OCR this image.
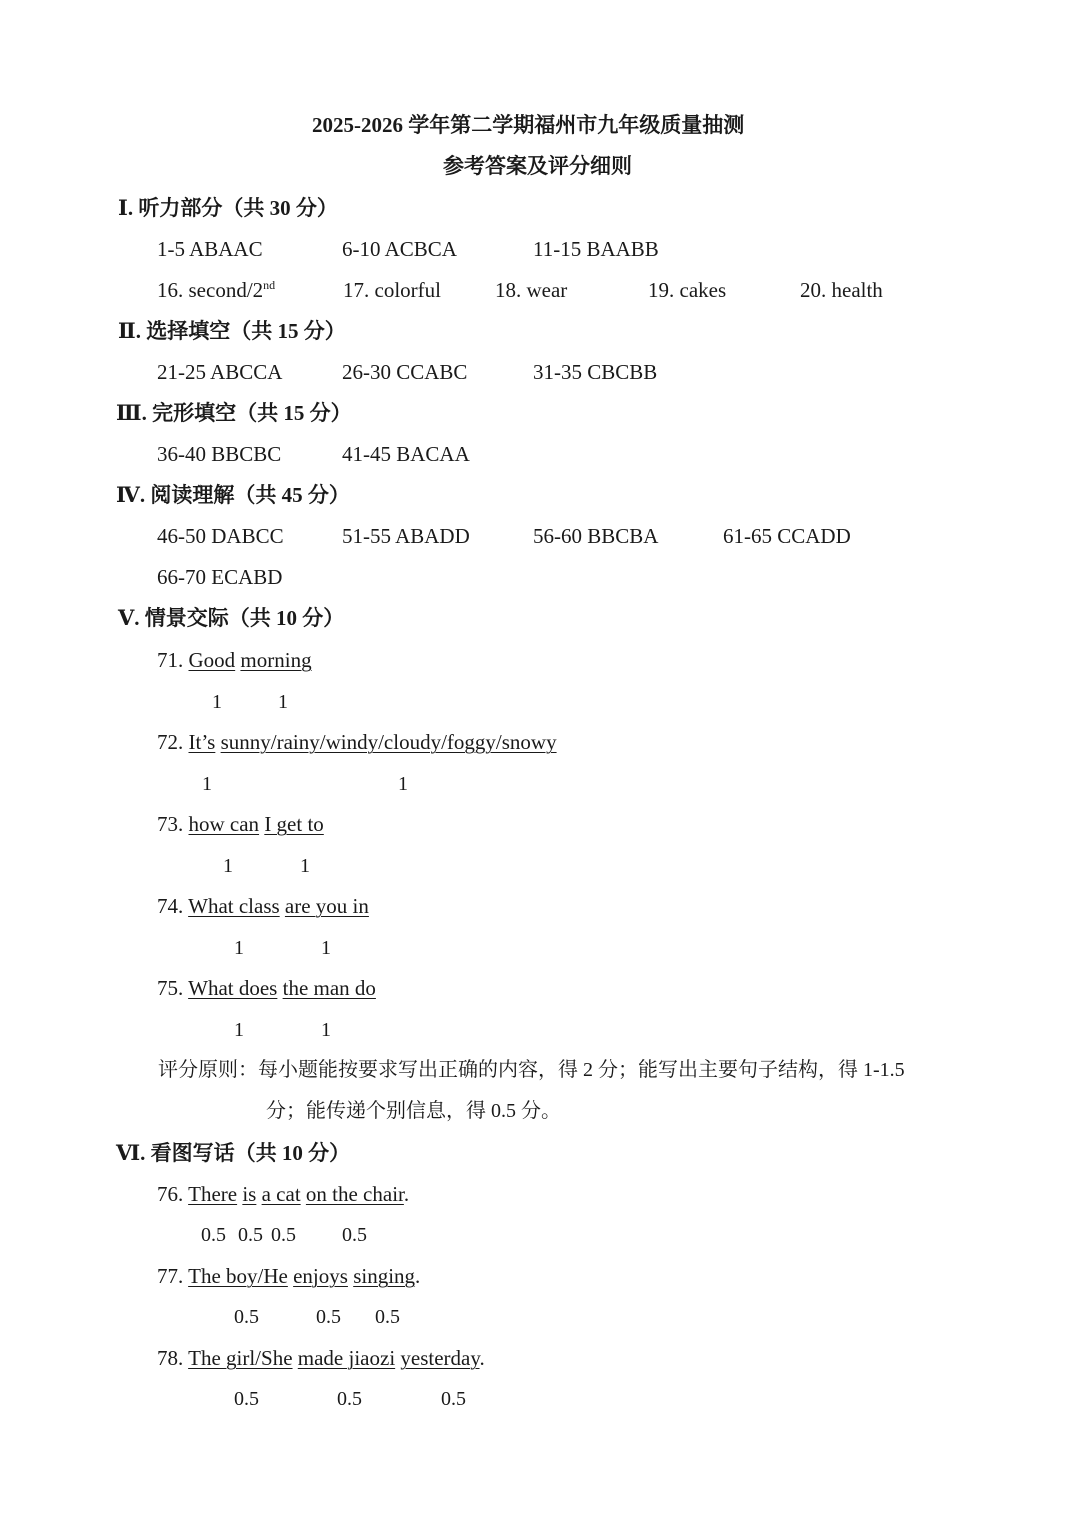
2025-2026 学年第二学期福州市九年级质量抽测
参考答案及评分细则
Ⅰ. 听力部分（共 30 分）
1-5 ABAAC	6-10 ACBCA	11-15 BAABB
16. second/2nd	17. colorful	18. wear	19. cakes	20. health
Ⅱ. 选择填空（共 15 分）
21-25 ABCCA	26-30 CCABC	31-35 CBCBB
Ⅲ. 完形填空（共 15 分）
36-40 BBCBC	41-45 BACAA
Ⅳ. 阅读理解（共 45 分）
46-50 DABCC	51-55 ABADD	56-60 BBCBA	61-65 CCADD
66-70 ECABD
Ⅴ. 情景交际（共 10 分）
71. Good morning
1	1
72. It’s sunny/rainy/windy/cloudy/foggy/snowy
1	1
73. how can I get to
1	1
74. What class are you in
1	1
75. What does the man do
1	1
评分原则：每小题能按要求写出正确的内容，得 2 分；能写出主要句子结构，得 1-1.5
分；能传递个别信息，得 0.5 分。
Ⅵ. 看图写话（共 10 分）
76. There is a cat on the chair.
0.5 0.5 0.5 0.5
77. The boy/He enjoys singing.
0.5	0.5 0.5
78. The girl/She made jiaozi yesterday.
0.5	0.5	0.5
